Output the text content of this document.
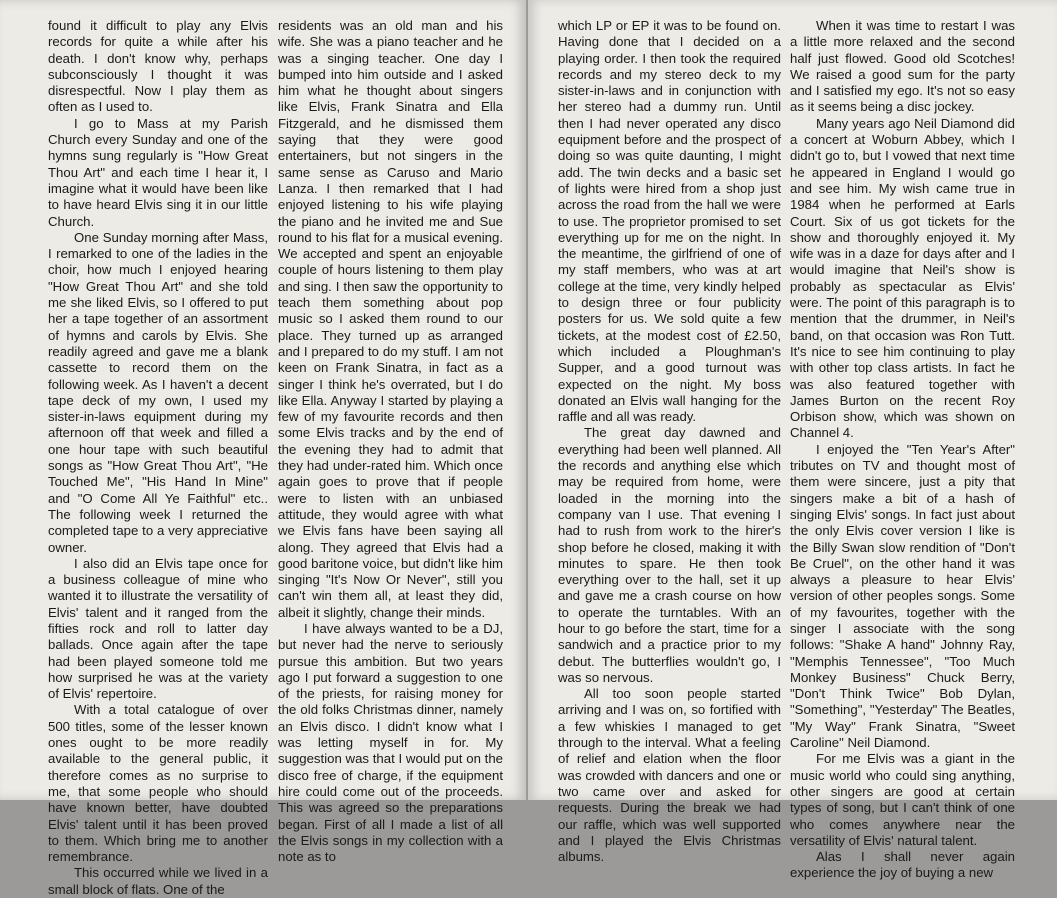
found it difficult to play any Elvis records for quite a while after his death. I don't know why, perhaps subconsciously I thought it was disrespectful. Now I play them as often as I used to.

I go to Mass at my Parish Church every Sunday and one of the hymns sung regularly is "How Great Thou Art" and each time I hear it, I imagine what it would have been like to have heard Elvis sing it in our little Church.

One Sunday morning after Mass, I remarked to one of the ladies in the choir, how much I enjoyed hearing "How Great Thou Art" and she told me she liked Elvis, so I offered to put her a tape together of an assortment of hymns and carols by Elvis. She readily agreed and gave me a blank cassette to record them on the following week. As I haven't a decent tape deck of my own, I used my sister-in-laws equipment during my afternoon off that week and filled a one hour tape with such beautiful songs as "How Great Thou Art", "He Touched Me", "His Hand In Mine" and "O Come All Ye Faithful" etc.. The following week I returned the completed tape to a very appreciative owner.

I also did an Elvis tape once for a business colleague of mine who wanted it to illustrate the versatility of Elvis' talent and it ranged from the fifties rock and roll to latter day ballads. Once again after the tape had been played someone told me how surprised he was at the variety of Elvis' repertoire.

With a total catalogue of over 500 titles, some of the lesser known ones ought to be more readily available to the general public, it therefore comes as no surprise to me, that some people who should have known better, have doubted Elvis' talent until it has been proved to them. Which bring me to another remembrance.

This occurred while we lived in a small block of flats. One of the

residents was an old man and his wife. She was a piano teacher and he was a singing teacher. One day I bumped into him outside and I asked him what he thought about singers like Elvis, Frank Sinatra and Ella Fitzgerald, and he dismissed them saying that they were good entertainers, but not singers in the same sense as Caruso and Mario Lanza. I then remarked that I had enjoyed listening to his wife playing the piano and he invited me and Sue round to his flat for a musical evening. We accepted and spent an enjoyable couple of hours listening to them play and sing. I then saw the opportunity to teach them something about pop music so I asked them round to our place. They turned up as arranged and I prepared to do my stuff. I am not keen on Frank Sinatra, in fact as a singer I think he's overrated, but I do like Ella. Anyway I started by playing a few of my favourite records and then some Elvis tracks and by the end of the evening they had to admit that they had under-rated him. Which once again goes to prove that if people were to listen with an unbiased attitude, they would agree with what we Elvis fans have been saying all along. They agreed that Elvis had a good baritone voice, but didn't like him singing "It's Now Or Never", still you can't win them all, at least they did, albeit it slightly, change their minds.

I have always wanted to be a DJ, but never had the nerve to seriously pursue this ambition. But two years ago I put forward a suggestion to one of the priests, for raising money for the old folks Christmas dinner, namely an Elvis disco. I didn't know what I was letting myself in for. My suggestion was that I would put on the disco free of charge, if the equipment hire could come out of the proceeds. This was agreed so the preparations began. First of all I made a list of all the Elvis songs in my collection with a note as to

which LP or EP it was to be found on. Having done that I decided on a playing order. I then took the required records and my stereo deck to my sister-in-laws and in conjunction with her stereo had a dummy run. Until then I had never operated any disco equipment before and the prospect of doing so was quite daunting, I might add. The twin decks and a basic set of lights were hired from a shop just across the road from the hall we were to use. The proprietor promised to set everything up for me on the night. In the meantime, the girlfriend of one of my staff members, who was at art college at the time, very kindly helped to design three or four publicity posters for us. We sold quite a few tickets, at the modest cost of £2.50, which included a Ploughman's Supper, and a good turnout was expected on the night. My boss donated an Elvis wall hanging for the raffle and all was ready.

The great day dawned and everything had been well planned. All the records and anything else which may be required from home, were loaded in the morning into the company van I use. That evening I had to rush from work to the hirer's shop before he closed, making it with minutes to spare. He then took everything over to the hall, set it up and gave me a crash course on how to operate the turntables. With an hour to go before the start, time for a sandwich and a practice prior to my debut. The butterflies wouldn't go, I was so nervous.

All too soon people started arriving and I was on, so fortified with a few whiskies I managed to get through to the interval. What a feeling of relief and elation when the floor was crowded with dancers and one or two came over and asked for requests. During the break we had our raffle, which was well supported and I played the Elvis Christmas albums.

When it was time to restart I was a little more relaxed and the second half just flowed. Good old Scotches! We raised a good sum for the party and I satisfied my ego. It's not so easy as it seems being a disc jockey.

Many years ago Neil Diamond did a concert at Woburn Abbey, which I didn't go to, but I vowed that next time he appeared in England I would go and see him. My wish came true in 1984 when he performed at Earls Court. Six of us got tickets for the show and thoroughly enjoyed it. My wife was in a daze for days after and I would imagine that Neil's show is probably as spectacular as Elvis' were. The point of this paragraph is to mention that the drummer, in Neil's band, on that occasion was Ron Tutt. It's nice to see him continuing to play with other top class artists. In fact he was also featured together with James Burton on the recent Roy Orbison show, which was shown on Channel 4.

I enjoyed the "Ten Year's After" tributes on TV and thought most of them were sincere, just a pity that singers make a bit of a hash of singing Elvis' songs. In fact just about the only Elvis cover version I like is the Billy Swan slow rendition of "Don't Be Cruel", on the other hand it was always a pleasure to hear Elvis' version of other peoples songs. Some of my favourites, together with the singer I associate with the song follows: "Shake A hand" Johnny Ray, "Memphis Tennessee", "Too Much Monkey Business" Chuck Berry, "Don't Think Twice" Bob Dylan, "Something", "Yesterday" The Beatles, "My Way" Frank Sinatra, "Sweet Caroline" Neil Diamond.

For me Elvis was a giant in the music world who could sing anything, other singers are good at certain types of song, but I can't think of one who comes anywhere near the versatility of Elvis' natural talent.

Alas I shall never again experience the joy of buying a new
